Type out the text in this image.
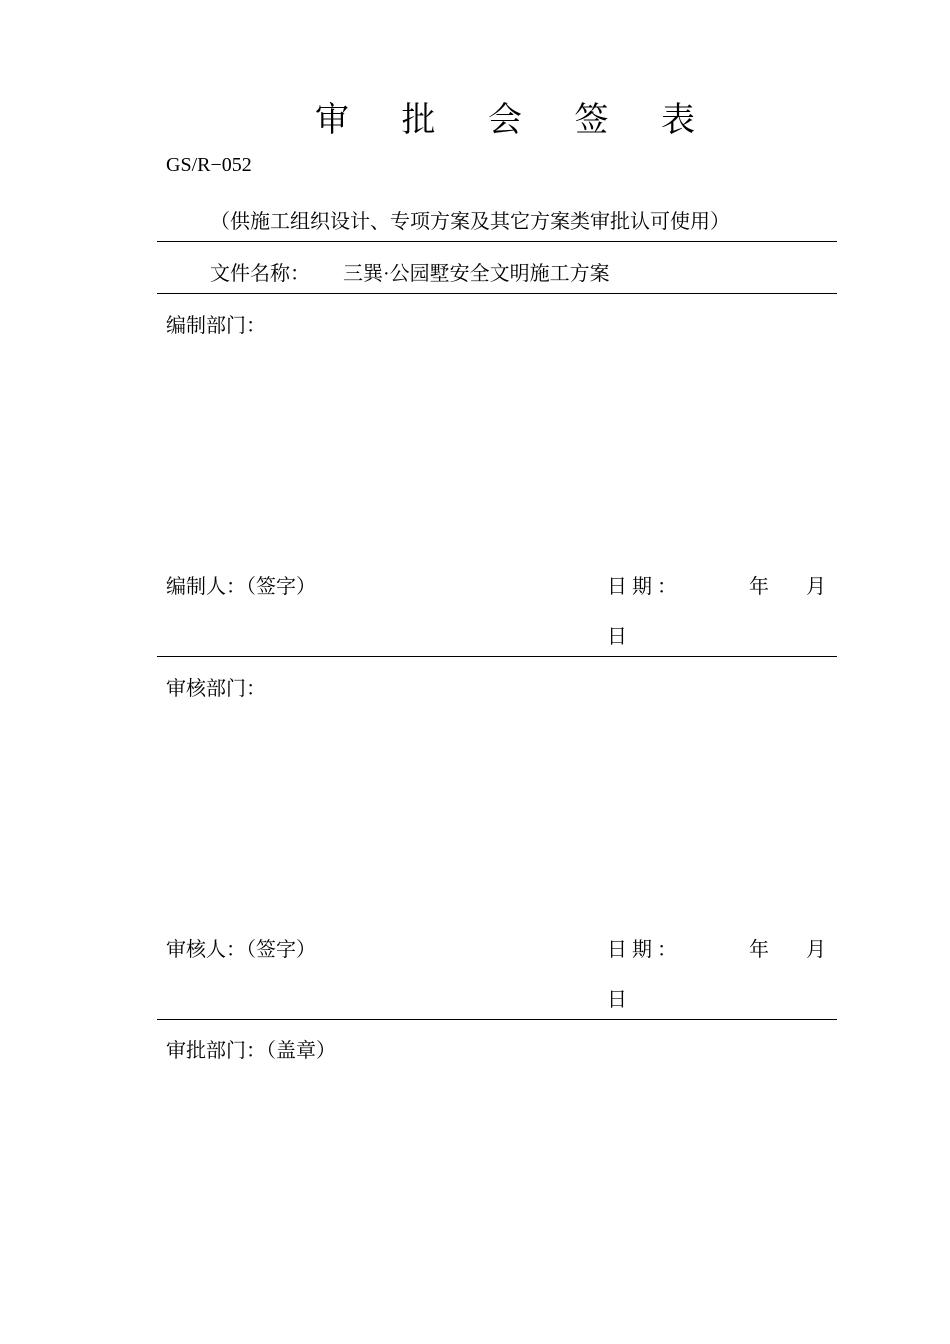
审 批 会 签 表
GS/R−052
（供施工组织设计、专项方案及其它方案类审批认可使用）
文件名称： 三巽·公园墅安全文明施工方案
编制部门：
编制人：（签字）	日 期 ：	年 月
日
审核部门：
审核人：（签字）	日 期 ：	年 月
日
审批部门：（盖章）
